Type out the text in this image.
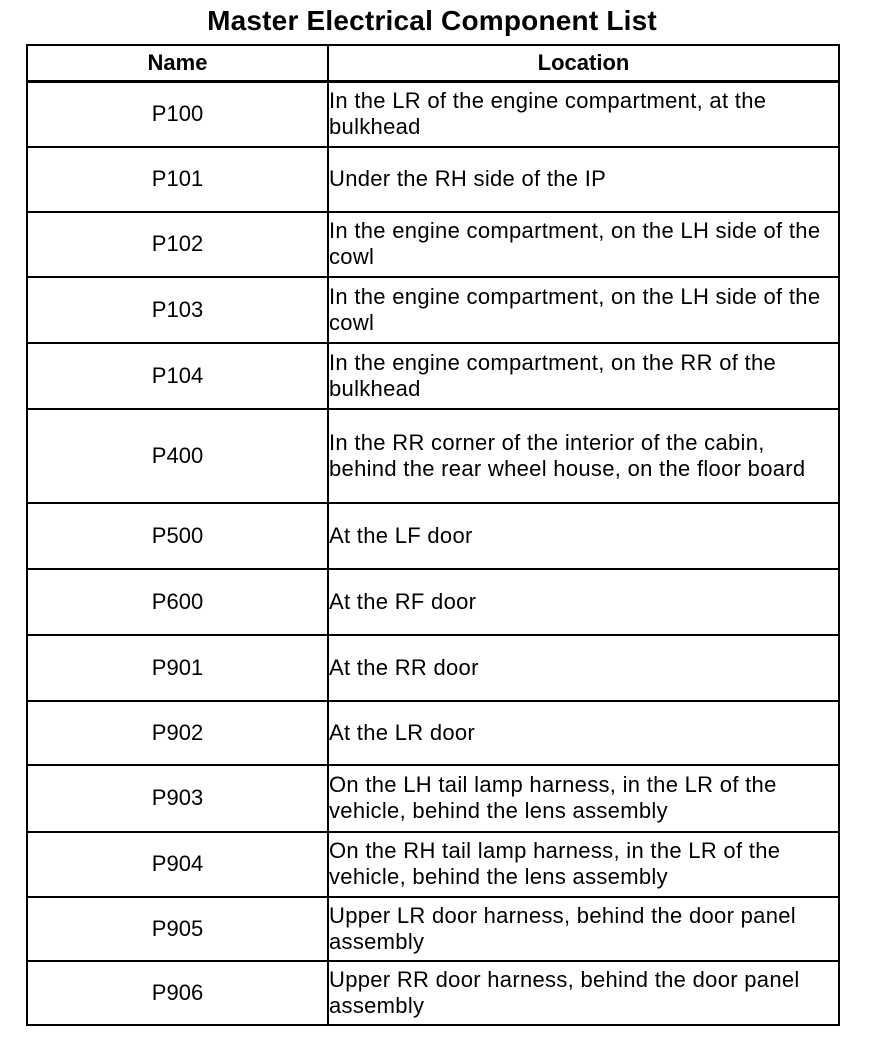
Master Electrical Component List
Name	Location
P100	In the LR of the engine compartment, at the bulkhead
P101	Under the RH side of the IP
P102	In the engine compartment, on the LH side of the cowl
P103	In the engine compartment, on the LH side of the cowl
P104	In the engine compartment, on the RR of the bulkhead
P400	In the RR corner of the interior of the cabin, behind the rear wheel house, on the floor board
P500	At the LF door
P600	At the RF door
P901	At the RR door
P902	At the LR door
P903	On the LH tail lamp harness, in the LR of the vehicle, behind the lens assembly
P904	On the RH tail lamp harness, in the LR of the vehicle, behind the lens assembly
P905	Upper LR door harness, behind the door panel assembly
P906	Upper RR door harness, behind the door panel assembly
